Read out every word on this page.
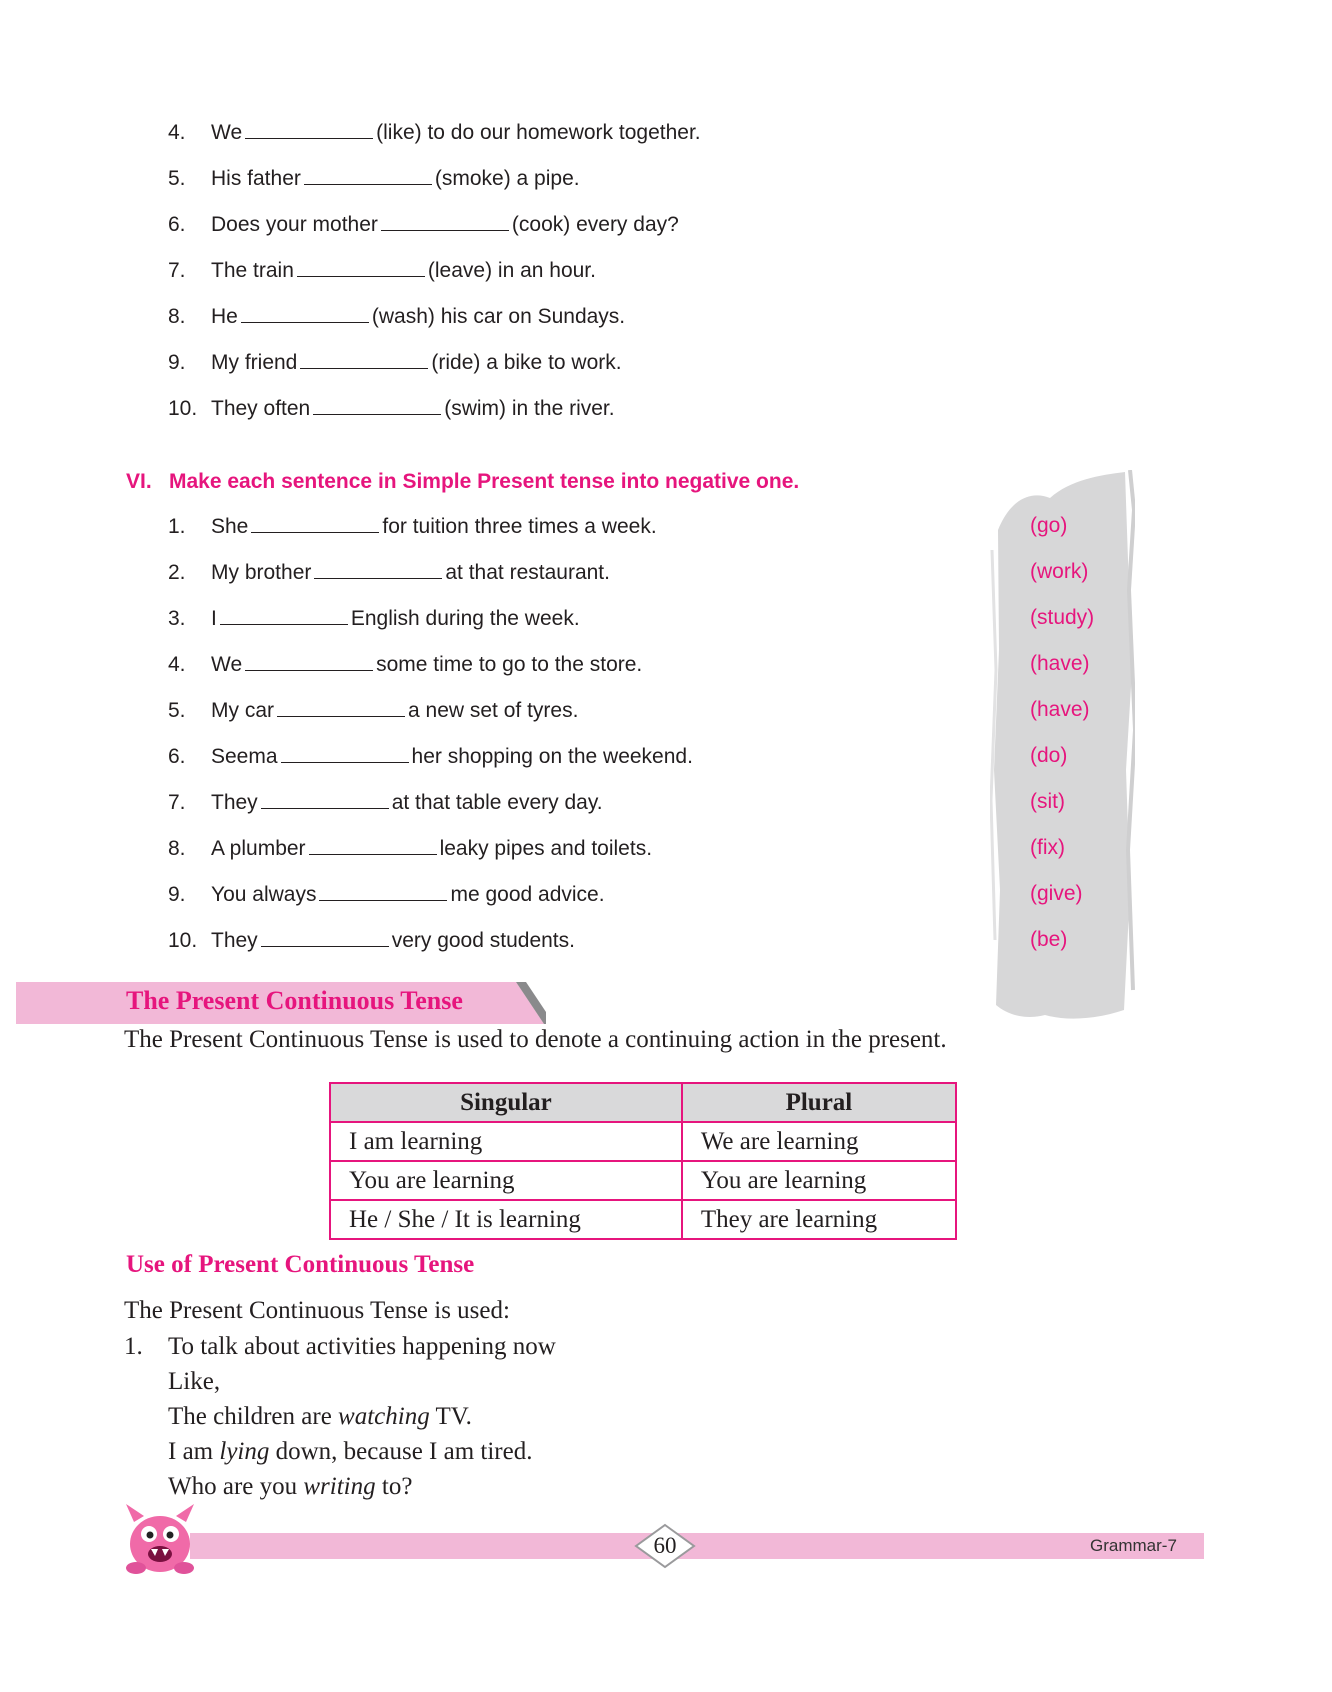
4. We	(like) to do our homework together.
5. His father	(smoke) a pipe.
6. Does your mother	(cook) every day?
7. The train	(leave) in an hour.
8. He	(wash) his car on Sundays.
9. My friend	(ride) a bike to work.
10. They often	(swim) in the river.
VI. Make each sentence in Simple Present tense into negative one.
1. She	for tuition three times a week.
2. My brother	at that restaurant.
3. I	English during the week.
4. We	some time to go to the store.
5. My car	a new set of tyres.
6. Seema	her shopping on the weekend.
7. They	at that table every day.
8. A plumber	leaky pipes and toilets.
9. You always	me good advice.
10. They	very good students.
(go)
(work)
(study)
(have)
(have)
(do)
(sit)
(fix)
(give)
(be)
The Present Continuous Tense
The Present Continuous Tense is used to denote a continuing action in the present.
Singular	Plural
I am learning	We are learning
You are learning	You are learning
He / She / It is learning	They are learning
Use of Present Continuous Tense
The Present Continuous Tense is used:
1. To talk about activities happening now
Like,
The children are watching TV.
I am lying down, because I am tired.
Who are you writing to?
60	Grammar-7
